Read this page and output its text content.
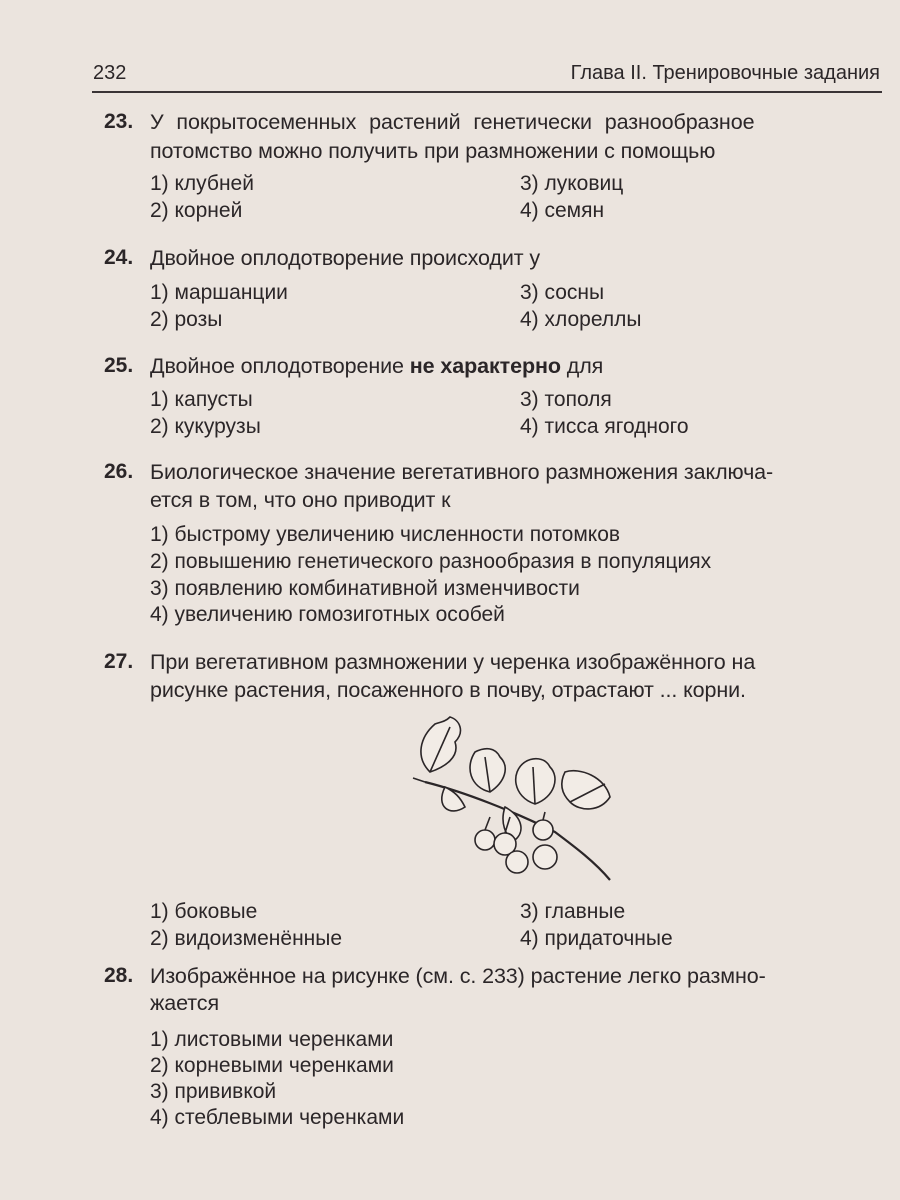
232	Глава II. Тренировочные задания
23. У покрытосеменных растений генетически разнообразное
потомство можно получить при размножении с помощью
1) клубней
2) корней
3) луковиц
4) семян
24. Двойное оплодотворение происходит у
1) маршанции
2) розы
3) сосны
4) хлореллы
25. Двойное оплодотворение не характерно для
1) капусты
2) кукурузы
3) тополя
4) тисса ягодного
26. Биологическое значение вегетативного размножения заключа-
ется в том, что оно приводит к
1) быстрому увеличению численности потомков
2) повышению генетического разнообразия в популяциях
3) появлению комбинативной изменчивости
4) увеличению гомозиготных особей
27. При вегетативном размножении у черенка изображённого на
рисунке растения, посаженного в почву, отрастают ... корни.
1) боковые
2) видоизменённые
3) главные
4) придаточные
28. Изображённое на рисунке (см. с. 233) растение легко размно-
жается
1) листовыми черенками
2) корневыми черенками
3) прививкой
4) стеблевыми черенками
